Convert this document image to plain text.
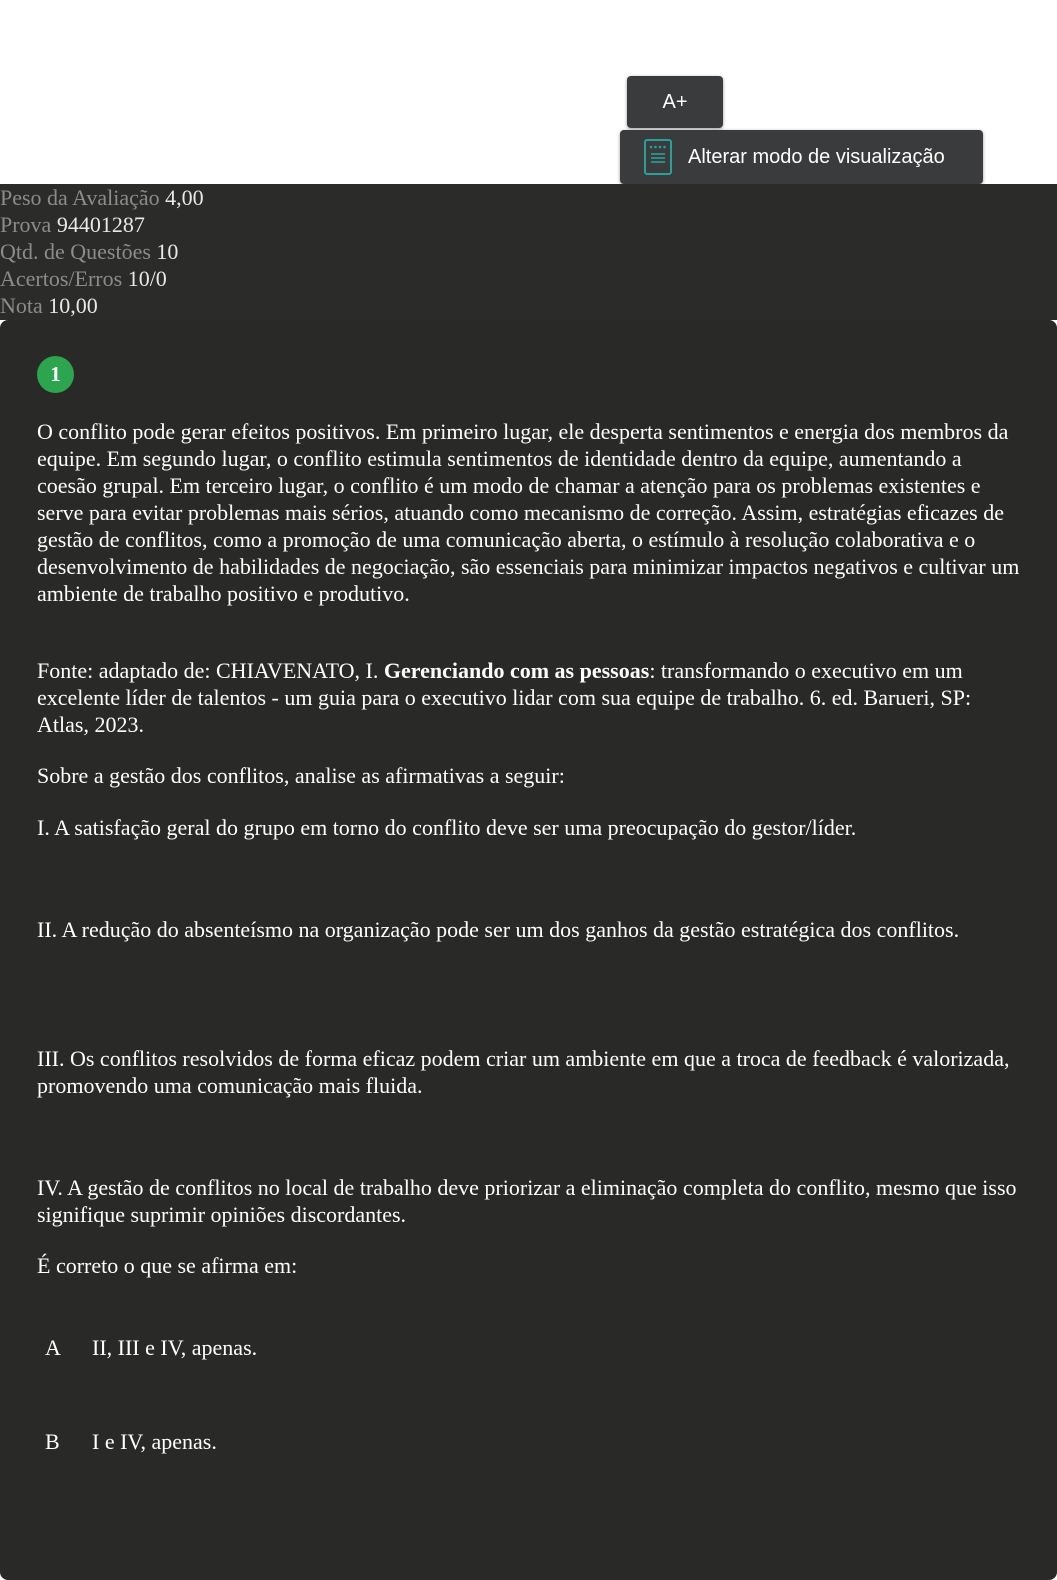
A+
Alterar modo de visualização
Peso da Avaliação 4,00
Prova 94401287
Qtd. de Questões 10
Acertos/Erros 10/0
Nota 10,00
1

O conflito pode gerar efeitos positivos. Em primeiro lugar, ele desperta sentimentos e energia dos membros da equipe. Em segundo lugar, o conflito estimula sentimentos de identidade dentro da equipe, aumentando a coesão grupal. Em terceiro lugar, o conflito é um modo de chamar a atenção para os problemas existentes e serve para evitar problemas mais sérios, atuando como mecanismo de correção. Assim, estratégias eficazes de gestão de conflitos, como a promoção de uma comunicação aberta, o estímulo à resolução colaborativa e o desenvolvimento de habilidades de negociação, são essenciais para minimizar impactos negativos e cultivar um ambiente de trabalho positivo e produtivo.

Fonte: adaptado de: CHIAVENATO, I. Gerenciando com as pessoas: transformando o executivo em um excelente líder de talentos - um guia para o executivo lidar com sua equipe de trabalho. 6. ed. Barueri, SP: Atlas, 2023.

Sobre a gestão dos conflitos, analise as afirmativas a seguir:

I. A satisfação geral do grupo em torno do conflito deve ser uma preocupação do gestor/líder.

II. A redução do absenteísmo na organização pode ser um dos ganhos da gestão estratégica dos conflitos.

III. Os conflitos resolvidos de forma eficaz podem criar um ambiente em que a troca de feedback é valorizada, promovendo uma comunicação mais fluida.

IV. A gestão de conflitos no local de trabalho deve priorizar a eliminação completa do conflito, mesmo que isso signifique suprimir opiniões discordantes.

É correto o que se afirma em:

A	II, III e IV, apenas.
B	I e IV, apenas.
